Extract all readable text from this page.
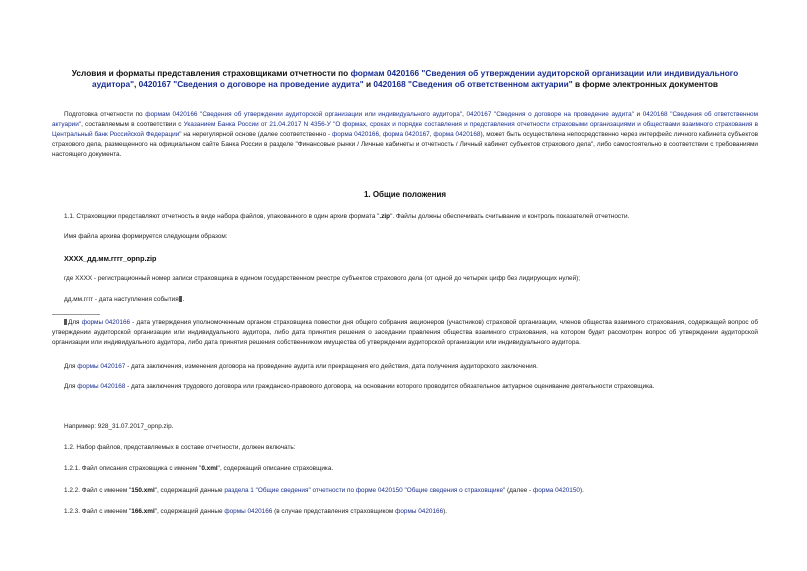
Условия и форматы представления страховщиками отчетности по формам 0420166 "Сведения об утверждении аудиторской организации или индивидуального аудитора", 0420167 "Сведения о договоре на проведение аудита" и 0420168 "Сведения об ответственном актуарии" в форме электронных документов
Подготовка отчетности по формам 0420166 "Сведения об утверждении аудиторской организации или индивидуального аудитора", 0420167 "Сведения о договоре на проведение аудита" и 0420168 "Сведения об ответственном актуарии", составляемым в соответствии с Указанием Банка России от 21.04.2017 N 4356-У "О формах, сроках и порядке составления и представления отчетности страховыми организациями и обществами взаимного страхования в Центральный банк Российской Федерации" на нерегулярной основе (далее соответственно - форма 0420166, форма 0420167, форма 0420168), может быть осуществлена непосредственно через интерфейс личного кабинета субъектов страхового дела, размещенного на официальном сайте Банка России в разделе "Финансовые рынки / Личные кабинеты и отчетность / Личный кабинет субъектов страхового дела", либо самостоятельно в соответствии с требованиями настоящего документа.
1. Общие положения
1.1. Страховщики представляют отчетность в виде набора файлов, упакованного в один архив формата ".zip". Файлы должны обеспечивать считывание и контроль показателей отчетности.
Имя файла архива формируется следующим образом:
XXXX_дд.мм.гггг_opnp.zip
где XXXX - регистрационный номер записи страховщика в едином государственном реестре субъектов страхового дела (от одной до четырех цифр без лидирующих нулей);
дд.мм.гггг - дата наступления события .
Для формы 0420166 - дата утверждения уполномоченным органом страховщика повестки дня общего собрания акционеров (участников) страховой организации, членов общества взаимного страхования, содержащей вопрос об утверждении аудиторской организации или индивидуального аудитора, либо дата принятия решения о заседании правления общества взаимного страхования, на котором будет рассмотрен вопрос об утверждении аудиторской организации или индивидуального аудитора, либо дата принятия решения собственником имущества об утверждении аудиторской организации или индивидуального аудитора.
Для формы 0420167 - дата заключения, изменения договора на проведение аудита или прекращения его действия, дата получения аудиторского заключения.
Для формы 0420168 - дата заключения трудового договора или гражданско-правового договора, на основании которого проводится обязательное актуарное оценивание деятельности страховщика.
Например: 928_31.07.2017_opnp.zip.
1.2. Набор файлов, представляемых в составе отчетности, должен включать:
1.2.1. Файл описания страховщика с именем "0.xml", содержащий описание страховщика.
1.2.2. Файл с именем "150.xml", содержащий данные раздела 1 "Общие сведения" отчетности по форме 0420150 "Общие сведения о страховщике" (далее - форма 0420150).
1.2.3. Файл с именем "166.xml", содержащий данные формы 0420166 (в случае представления страховщиком формы 0420166).
